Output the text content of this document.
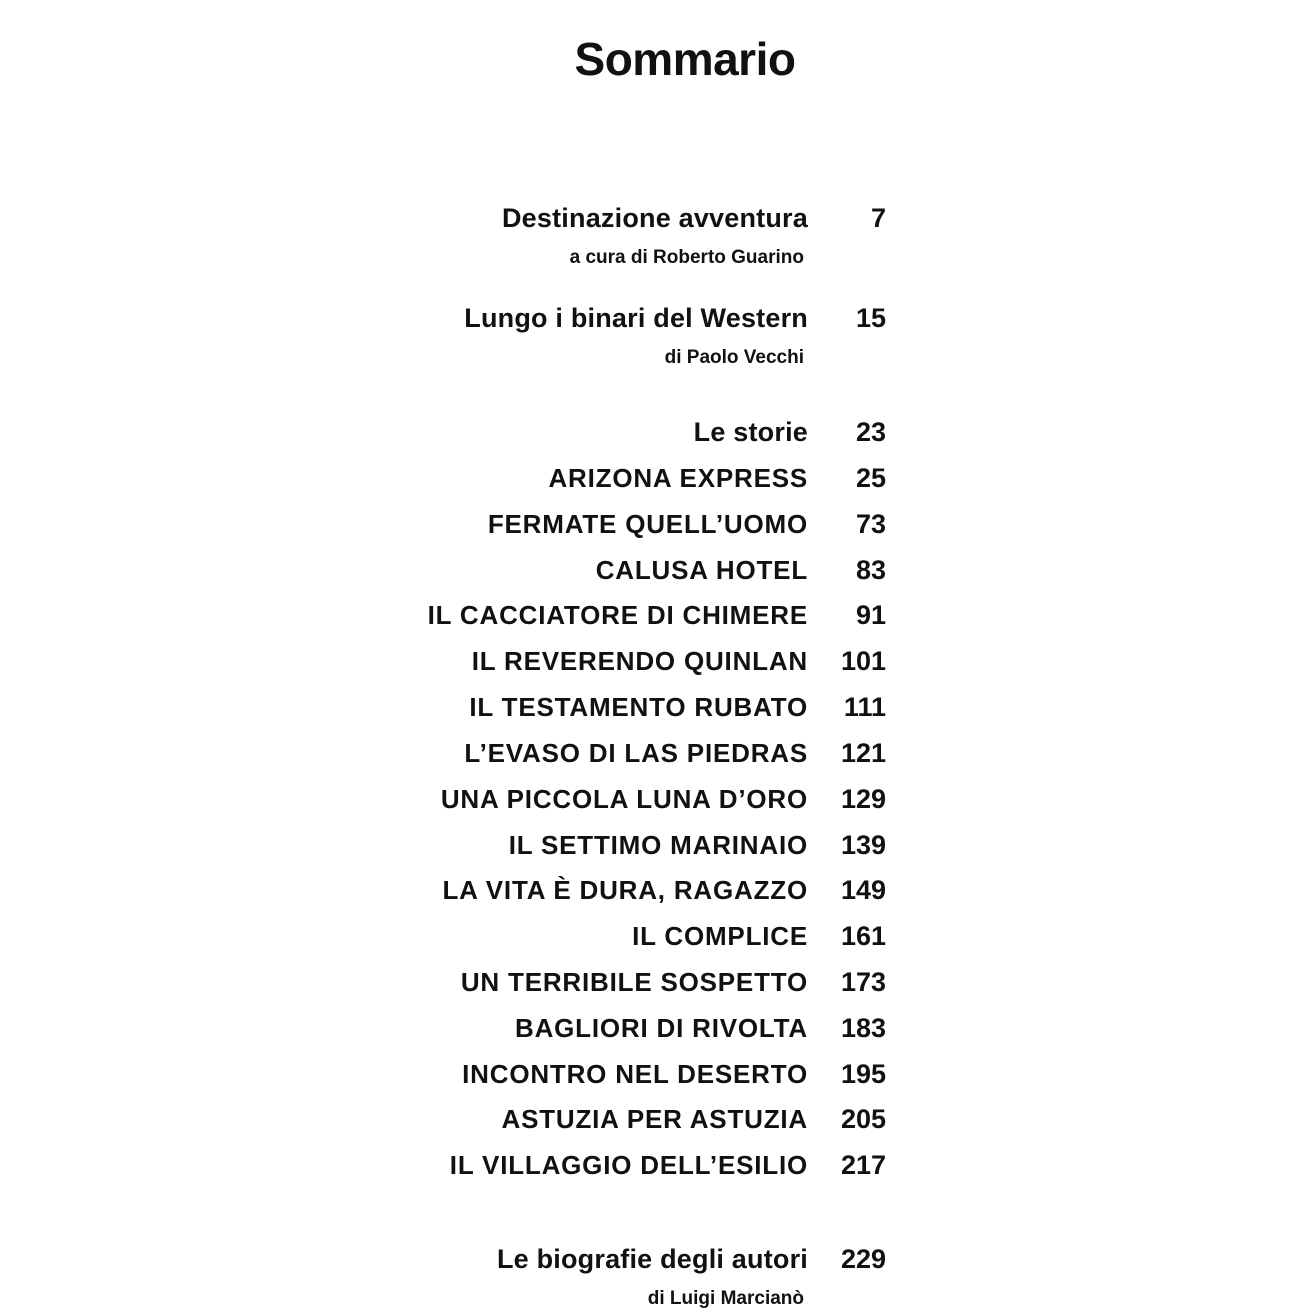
Sommario
Destinazione avventura 7
a cura di Roberto Guarino
Lungo i binari del Western 15
di Paolo Vecchi
Le storie 23
ARIZONA EXPRESS 25
FERMATE QUELL’UOMO 73
CALUSA HOTEL 83
IL CACCIATORE DI CHIMERE 91
IL REVERENDO QUINLAN 101
IL TESTAMENTO RUBATO 111
L’EVASO DI LAS PIEDRAS 121
UNA PICCOLA LUNA D’ORO 129
IL SETTIMO MARINAIO 139
LA VITA È DURA, RAGAZZO 149
IL COMPLICE 161
UN TERRIBILE SOSPETTO 173
BAGLIORI DI RIVOLTA 183
INCONTRO NEL DESERTO 195
ASTUZIA PER ASTUZIA 205
IL VILLAGGIO DELL’ESILIO 217
Le biografie degli autori 229
di Luigi Marcianò
